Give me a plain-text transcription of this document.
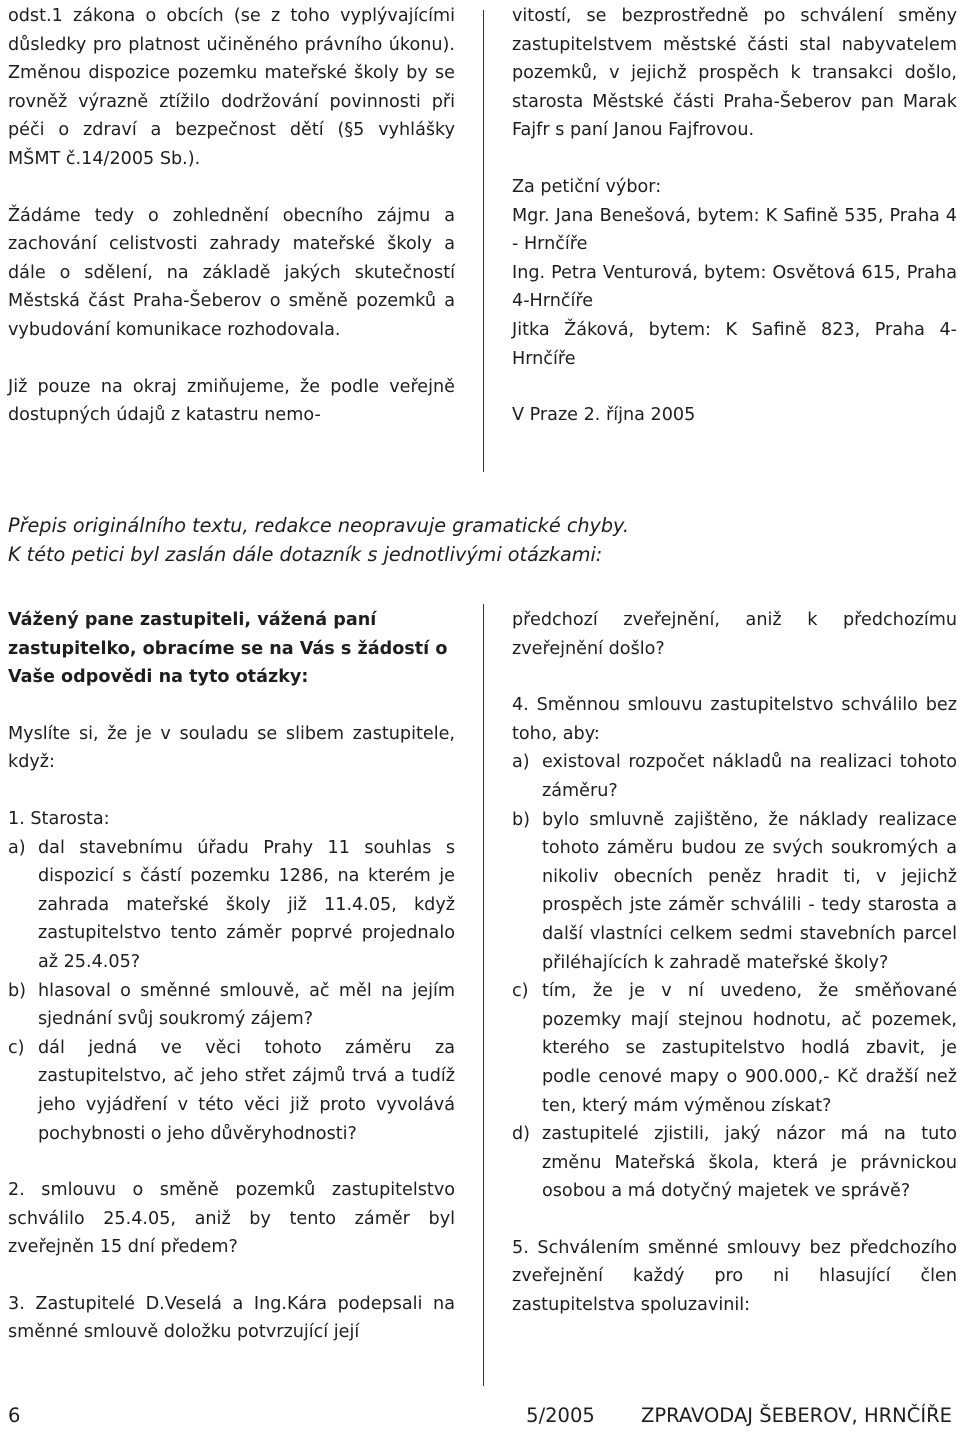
odst.1 zákona o obcích (se z toho vyplývajícími důsledky pro platnost učiněného právního úkonu). Změnou dispozice pozemku mateřské školy by se rovněž výrazně ztížilo dodržování povinnosti při péči o zdraví a bezpečnost dětí (§5 vyhlášky MŠMT č.14/2005 Sb.).

Žádáme tedy o zohlednění obecního zájmu a zachování celistvosti zahrady mateřské školy a dále o sdělení, na základě jakých skutečností Městská část Praha-Šeberov o směně pozemků a vybudování komunikace rozhodovala.

Již pouze na okraj zmiňujeme, že podle veřejně dostupných údajů z katastru nemo-

vitostí, se bezprostředně po schválení směny zastupitelstvem městské části stal nabyvatelem pozemků, v jejichž prospěch k transakci došlo, starosta Městské části Praha-Šeberov pan Marak Fajfr s paní Janou Fajfrovou.

Za petiční výbor:

Mgr. Jana Benešová, bytem: K Safině 535, Praha 4 - Hrnčíře

Ing. Petra Venturová, bytem: Osvětová 615, Praha 4-Hrnčíře

Jitka Žáková, bytem: K Safině 823, Praha 4-Hrnčíře

V Praze 2. října 2005

Přepis originálního textu, redakce neopravuje gramatické chyby.

K této petici byl zaslán dále dotazník s jednotlivými otázkami:

Vážený pane zastupiteli, vážená paní zastupitelko, obracíme se na Vás s žádostí o Vaše odpovědi na tyto otázky:

Myslíte si, že je v souladu se slibem zastupitele, když:

1. Starosta:

a) dal stavebnímu úřadu Prahy 11 souhlas s dispozicí s částí pozemku 1286, na kterém je zahrada mateřské školy již 11.4.05, když zastupitelstvo tento záměr poprvé projednalo až 25.4.05?
b) hlasoval o směnné smlouvě, ač měl na jejím sjednání svůj soukromý zájem?
c) dál jedná ve věci tohoto záměru za zastupitelstvo, ač jeho střet zájmů trvá a tudíž jeho vyjádření v této věci již proto vyvolává pochybnosti o jeho důvěryhodnosti?

2. smlouvu o směně pozemků zastupitelstvo schválilo 25.4.05, aniž by tento záměr byl zveřejněn 15 dní předem?

3. Zastupitelé D.Veselá a Ing.Kára podepsali na směnné smlouvě doložku potvrzující její

předchozí zveřejnění, aniž k předchozímu zveřejnění došlo?

4. Směnnou smlouvu zastupitelstvo schválilo bez toho, aby:

a) existoval rozpočet nákladů na realizaci tohoto záměru?
b) bylo smluvně zajištěno, že náklady realizace tohoto záměru budou ze svých soukromých a nikoliv obecních peněz hradit ti, v jejichž prospěch jste záměr schválili - tedy starosta a další vlastníci celkem sedmi stavebních parcel přiléhajících k zahradě mateřské školy?
c) tím, že je v ní uvedeno, že směňované pozemky mají stejnou hodnotu, ač pozemek, kterého se zastupitelstvo hodlá zbavit, je podle cenové mapy o 900.000,- Kč dražší než ten, který mám výměnou získat?
d) zastupitelé zjistili, jaký názor má na tuto změnu Mateřská škola, která je právnickou osobou a má dotyčný majetek ve správě?

5. Schválením směnné smlouvy bez předchozího zveřejnění každý pro ni hlasující člen zastupitelstva spoluzavinil:

6	5/2005 ZPRAVODAJ ŠEBEROV, HRNČÍŘE
